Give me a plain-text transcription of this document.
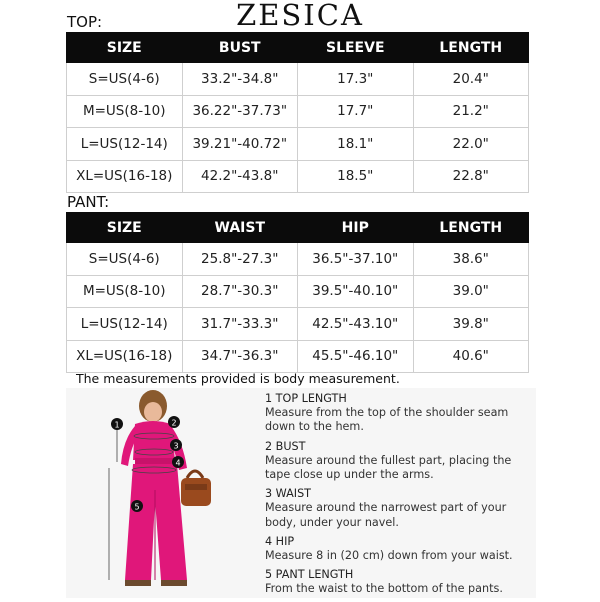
ZESICA
TOP:
SIZE	BUST	SLEEVE	LENGTH
S=US(4-6)	33.2"-34.8"	17.3"	20.4"
M=US(8-10)	36.22"-37.73"	17.7"	21.2"
L=US(12-14)	39.21"-40.72"	18.1"	22.0"
XL=US(16-18)	42.2"-43.8"	18.5"	22.8"
PANT:
SIZE	WAIST	HIP	LENGTH
S=US(4-6)	25.8"-27.3"	36.5"-37.10"	38.6"
M=US(8-10)	28.7"-30.3"	39.5"-40.10"	39.0"
L=US(12-14)	31.7"-33.3"	42.5"-43.10"	39.8"
XL=US(16-18)	34.7"-36.3"	45.5"-46.10"	40.6"
The measurements provided is body measurement.
1	2
3
4
5
1 TOP LENGTH
Measure from the top of the shoulder seam down to the hem.
2 BUST
Measure around the fullest part, placing the tape close up under the arms.
3 WAIST
Measure around the narrowest part of your body, under your navel.
4 HIP
Measure 8 in (20 cm) down from your waist.
5 PANT LENGTH
From the waist to the bottom of the pants.
